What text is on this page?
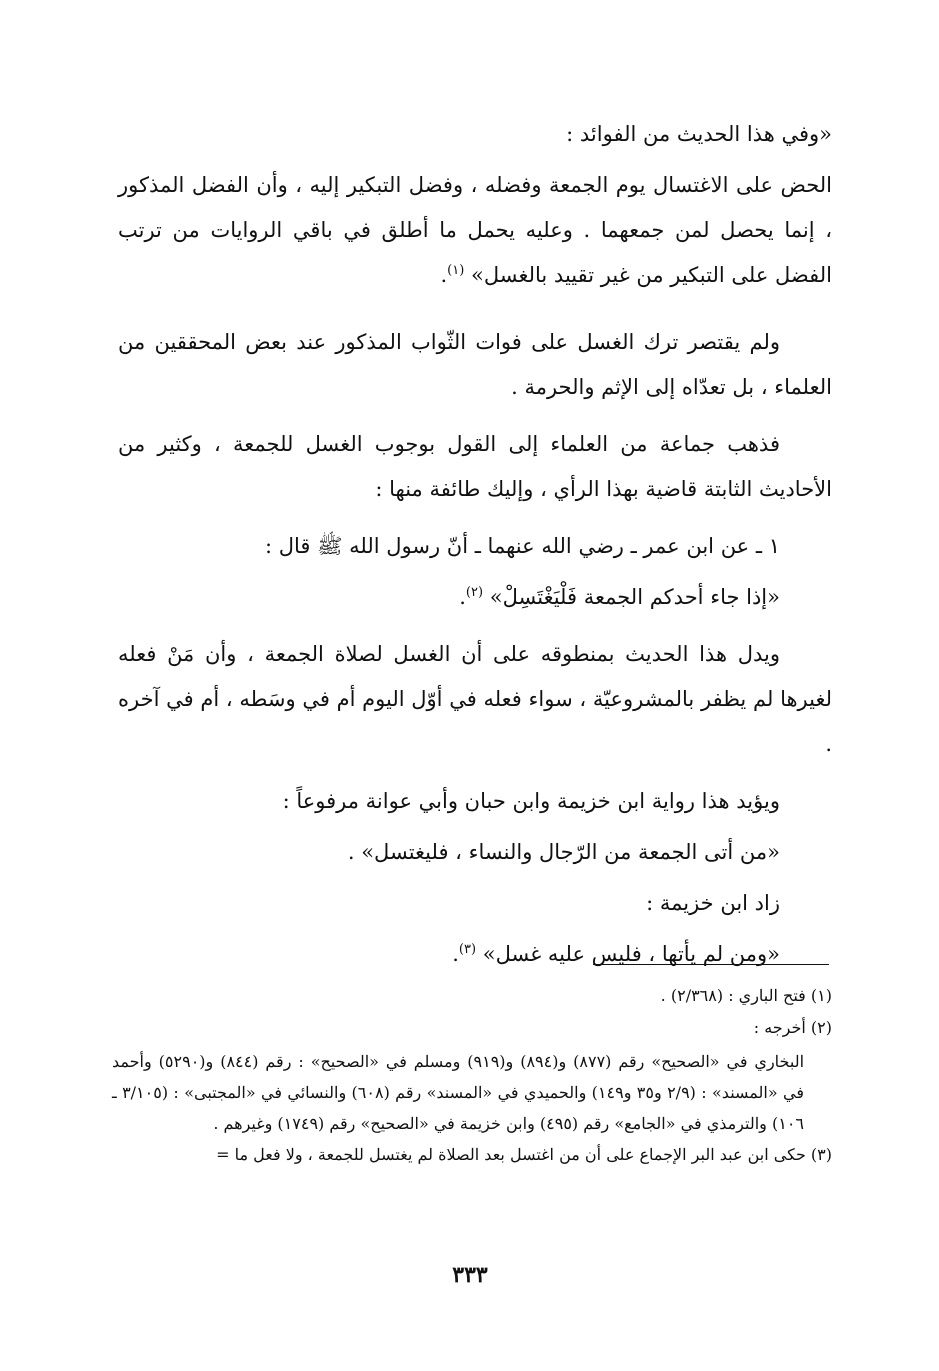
«وفي هذا الحديث من الفوائد :

الحض على الاغتسال يوم الجمعة وفضله ، وفضل التبكير إليه ، وأن الفضل المذكور ، إنما يحصل لمن جمعهما . وعليه يحمل ما أطلق في باقي الروايات من ترتب الفضل على التبكير من غير تقييد بالغسل» $^{(١)}$.

ولم يقتصر ترك الغسل على فوات الثّواب المذكور عند بعض المحققين من العلماء ، بل تعدّاه إلى الإثم والحرمة .

فذهب جماعة من العلماء إلى القول بوجوب الغسل للجمعة ، وكثير من الأحاديث الثابتة قاضية بهذا الرأي ، وإليك طائفة منها :

١ ـ عن ابن عمر ـ رضي الله عنهما ـ أنّ رسول الله ﷺ قال :

«إذا جاء أحدكم الجمعة فَلْيَغْتَسِلْ» $^{(٢)}$.

ويدل هذا الحديث بمنطوقه على أن الغسل لصلاة الجمعة ، وأن مَنْ فعله لغيرها لم يظفر بالمشروعيّة ، سواء فعله في أوّل اليوم أم في وسَطه ، أم في آخره .

ويؤيد هذا رواية ابن خزيمة وابن حبان وأبي عوانة مرفوعاً :

«من أتى الجمعة من الرّجال والنساء ، فليغتسل» .

زاد ابن خزيمة :

«ومن لم يأتها ، فليس عليه غسل» $^{(٣)}$.

(١) فتح الباري : (٢/٣٦٨) .

(٢) أخرجه :

البخاري في «الصحيح» رقم (٨٧٧) و(٨٩٤) و(٩١٩) ومسلم في «الصحيح» : رقم (٨٤٤) و(٥٢٩٠) وأحمد في «المسند» : (٢/٩ و٣٥ و١٤٩) والحميدي في «المسند» رقم (٦٠٨) والنسائي في «المجتبى» : (٣/١٠٥ ـ ١٠٦) والترمذي في «الجامع» رقم (٤٩٥) وابن خزيمة في «الصحيح» رقم (١٧٤٩) وغيرهم .

(٣) حكى ابن عبد البر الإجماع على أن من اغتسل بعد الصلاة لم يغتسل للجمعة ، ولا فعل ما =

٣٣٣
